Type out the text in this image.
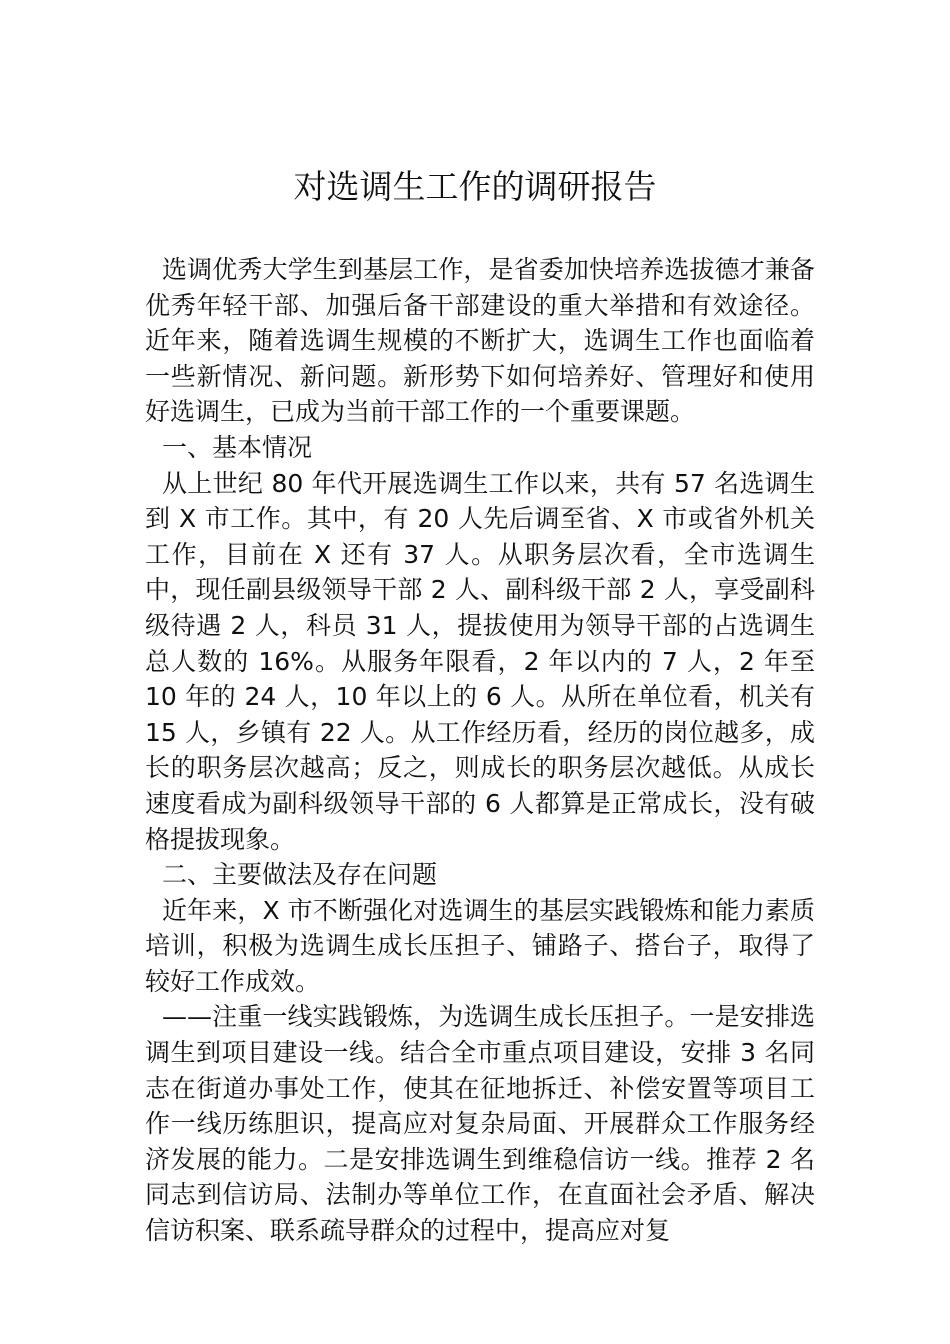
对选调生工作的调研报告

选调优秀大学生到基层工作，是省委加快培养选拔德才兼备优秀年轻干部、加强后备干部建设的重大举措和有效途径。近年来，随着选调生规模的不断扩大，选调生工作也面临着一些新情况、新问题。新形势下如何培养好、管理好和使用好选调生，已成为当前干部工作的一个重要课题。

一、基本情况

从上世纪 80 年代开展选调生工作以来，共有 57 名选调生到 X 市工作。其中，有 20 人先后调至省、X 市或省外机关工作，目前在 X 还有 37 人。从职务层次看，全市选调生中，现任副县级领导干部 2 人、副科级干部 2 人，享受副科级待遇 2 人，科员 31 人，提拔使用为领导干部的占选调生总人数的 16%。从服务年限看，2 年以内的 7 人，2 年至 10 年的 24 人，10 年以上的 6 人。从所在单位看，机关有 15 人，乡镇有 22 人。从工作经历看，经历的岗位越多，成长的职务层次越高；反之，则成长的职务层次越低。从成长速度看成为副科级领导干部的 6 人都算是正常成长，没有破格提拔现象。

二、主要做法及存在问题

近年来，X 市不断强化对选调生的基层实践锻炼和能力素质培训，积极为选调生成长压担子、铺路子、搭台子，取得了较好工作成效。

——注重一线实践锻炼，为选调生成长压担子。一是安排选调生到项目建设一线。结合全市重点项目建设，安排 3 名同志在街道办事处工作，使其在征地拆迁、补偿安置等项目工作一线历练胆识，提高应对复杂局面、开展群众工作服务经济发展的能力。二是安排选调生到维稳信访一线。推荐 2 名同志到信访局、法制办等单位工作，在直面社会矛盾、解决信访积案、联系疏导群众的过程中，提高应对复
